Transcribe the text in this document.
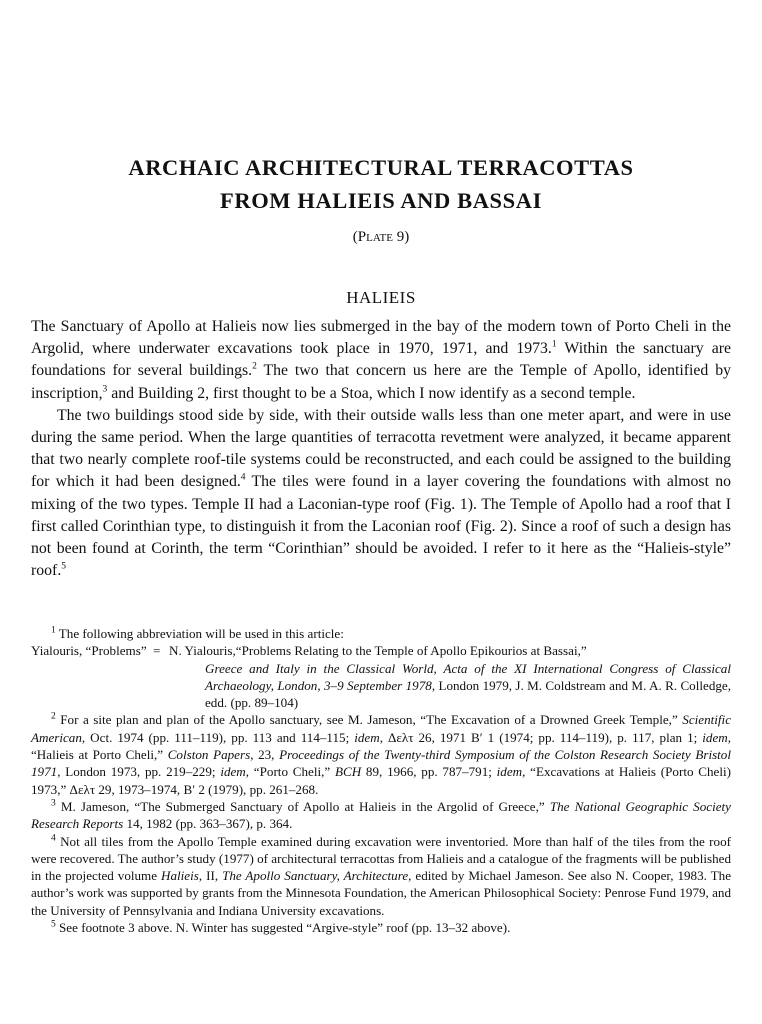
ARCHAIC ARCHITECTURAL TERRACOTTAS
FROM HALIEIS AND BASSAI
(Plate 9)
HALIEIS

The Sanctuary of Apollo at Halieis now lies submerged in the bay of the modern town of Porto Cheli in the Argolid, where underwater excavations took place in 1970, 1971, and 1973.$^1$ Within the sanctuary are foundations for several buildings.$^2$ The two that concern us here are the Temple of Apollo, identified by inscription,$^3$ and Building 2, first thought to be a Stoa, which I now identify as a second temple.

The two buildings stood side by side, with their outside walls less than one meter apart, and were in use during the same period. When the large quantities of terracotta revetment were analyzed, it became apparent that two nearly complete roof-tile systems could be reconstructed, and each could be assigned to the building for which it had been designed.$^4$ The tiles were found in a layer covering the foundations with almost no mixing of the two types. Temple II had a Laconian-type roof (Fig. 1). The Temple of Apollo had a roof that I first called Corinthian type, to distinguish it from the Laconian roof (Fig. 2). Since a roof of such a design has not been found at Corinth, the term “Corinthian” should be avoided. I refer to it here as the “Halieis-style” roof.$^5$

$^1$ The following abbreviation will be used in this article:

Yialouris, “Problems” = N. Yialouris,“Problems Relating to the Temple of Apollo Epikourios at Bassai,”
Greece and Italy in the Classical World, Acta of the XI International Congress of Classical Archaeology, London, 3–9 September 1978, London 1979, J. M. Coldstream and M. A. R. Colledge, edd. (pp. 89–104)

$^2$ For a site plan and plan of the Apollo sanctuary, see M. Jameson, “The Excavation of a Drowned Greek Temple,” Scientific American, Oct. 1974 (pp. 111–119), pp. 113 and 114–115; idem, Δελτ 26, 1971 B′ 1 (1974; pp. 114–119), p. 117, plan 1; idem, “Halieis at Porto Cheli,” Colston Papers, 23, Proceedings of the Twenty-third Symposium of the Colston Research Society Bristol 1971, London 1973, pp. 219–229; idem, “Porto Cheli,” BCH 89, 1966, pp. 787–791; idem, “Excavations at Halieis (Porto Cheli) 1973,” Δελτ 29, 1973–1974, B′ 2 (1979), pp. 261–268.

$^3$ M. Jameson, “The Submerged Sanctuary of Apollo at Halieis in the Argolid of Greece,” The National Geographic Society Research Reports 14, 1982 (pp. 363–367), p. 364.

$^4$ Not all tiles from the Apollo Temple examined during excavation were inventoried. More than half of the tiles from the roof were recovered. The author’s study (1977) of architectural terracottas from Halieis and a catalogue of the fragments will be published in the projected volume Halieis, II, The Apollo Sanctuary, Architecture, edited by Michael Jameson. See also N. Cooper, 1983. The author’s work was supported by grants from the Minnesota Foundation, the American Philosophical Society: Penrose Fund 1979, and the University of Pennsylvania and Indiana University excavations.

$^5$ See footnote 3 above. N. Winter has suggested “Argive-style” roof (pp. 13–32 above).
